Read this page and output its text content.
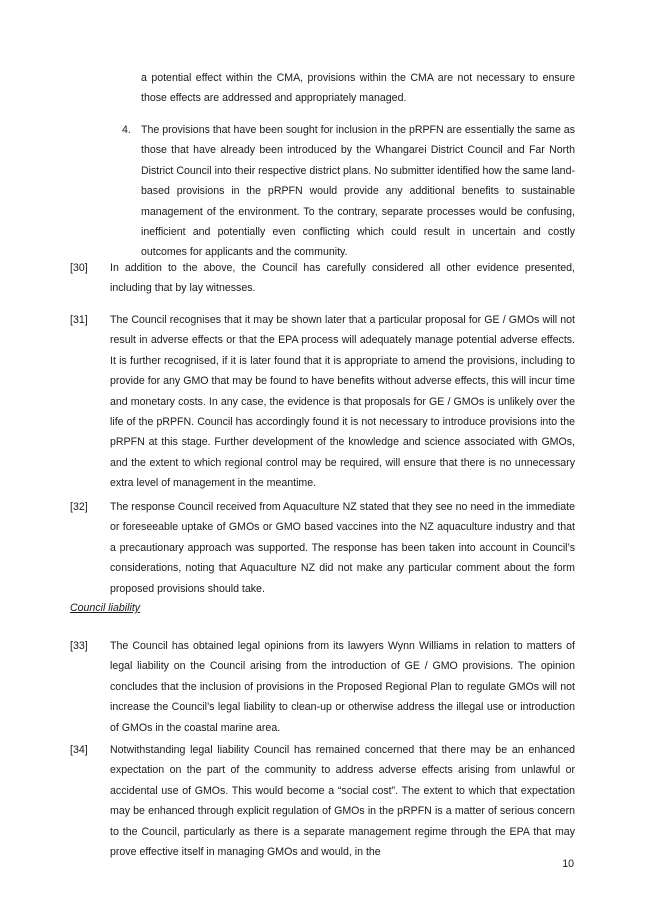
a potential effect within the CMA, provisions within the CMA are not necessary to ensure those effects are addressed and appropriately managed.
4. The provisions that have been sought for inclusion in the pRPFN are essentially the same as those that have already been introduced by the Whangarei District Council and Far North District Council into their respective district plans. No submitter identified how the same land-based provisions in the pRPFN would provide any additional benefits to sustainable management of the environment. To the contrary, separate processes would be confusing, inefficient and potentially even conflicting which could result in uncertain and costly outcomes for applicants and the community.
[30]	In addition to the above, the Council has carefully considered all other evidence presented, including that by lay witnesses.
[31]	The Council recognises that it may be shown later that a particular proposal for GE / GMOs will not result in adverse effects or that the EPA process will adequately manage potential adverse effects. It is further recognised, if it is later found that it is appropriate to amend the provisions, including to provide for any GMO that may be found to have benefits without adverse effects, this will incur time and monetary costs. In any case, the evidence is that proposals for GE / GMOs is unlikely over the life of the pRPFN. Council has accordingly found it is not necessary to introduce provisions into the pRPFN at this stage. Further development of the knowledge and science associated with GMOs, and the extent to which regional control may be required, will ensure that there is no unnecessary extra level of management in the meantime.
[32]	The response Council received from Aquaculture NZ stated that they see no need in the immediate or foreseeable uptake of GMOs or GMO based vaccines into the NZ aquaculture industry and that a precautionary approach was supported. The response has been taken into account in Council’s considerations, noting that Aquaculture NZ did not make any particular comment about the form proposed provisions should take.
Council liability
[33]	The Council has obtained legal opinions from its lawyers Wynn Williams in relation to matters of legal liability on the Council arising from the introduction of GE / GMO provisions. The opinion concludes that the inclusion of provisions in the Proposed Regional Plan to regulate GMOs will not increase the Council’s legal liability to clean-up or otherwise address the illegal use or introduction of GMOs in the coastal marine area.
[34]	Notwithstanding legal liability Council has remained concerned that there may be an enhanced expectation on the part of the community to address adverse effects arising from unlawful or accidental use of GMOs. This would become a “social cost”. The extent to which that expectation may be enhanced through explicit regulation of GMOs in the pRPFN is a matter of serious concern to the Council, particularly as there is a separate management regime through the EPA that may prove effective itself in managing GMOs and would, in the
10
